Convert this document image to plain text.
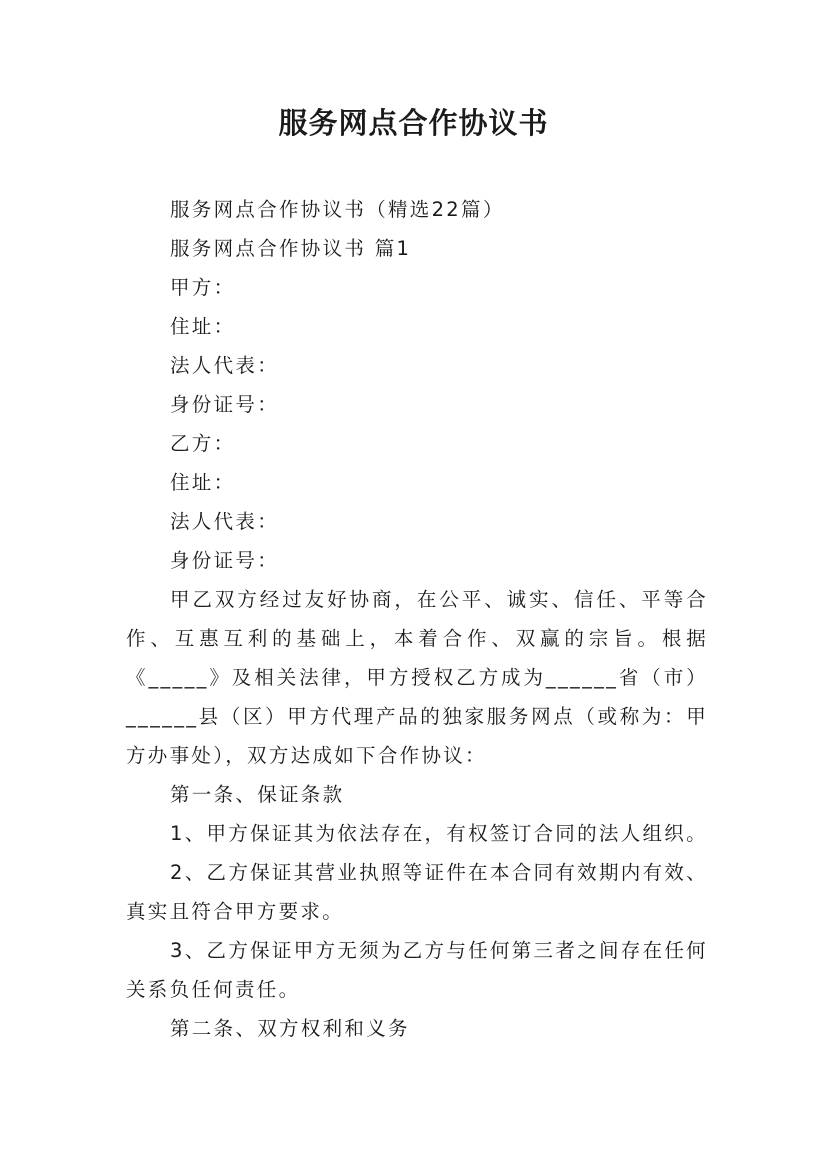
服务网点合作协议书

服务网点合作协议书（精选22篇）

服务网点合作协议书 篇1

甲方：

住址：

法人代表：

身份证号：

乙方：

住址：

法人代表：

身份证号：

甲乙双方经过友好协商，在公平、诚实、信任、平等合作、互惠互利的基础上，本着合作、双赢的宗旨。根据《_____》及相关法律，甲方授权乙方成为______省（市）______县（区）甲方代理产品的独家服务网点（或称为：甲方办事处），双方达成如下合作协议：

第一条、保证条款

1、甲方保证其为依法存在，有权签订合同的法人组织。

2、乙方保证其营业执照等证件在本合同有效期内有效、真实且符合甲方要求。

3、乙方保证甲方无须为乙方与任何第三者之间存在任何关系负任何责任。

第二条、双方权利和义务
